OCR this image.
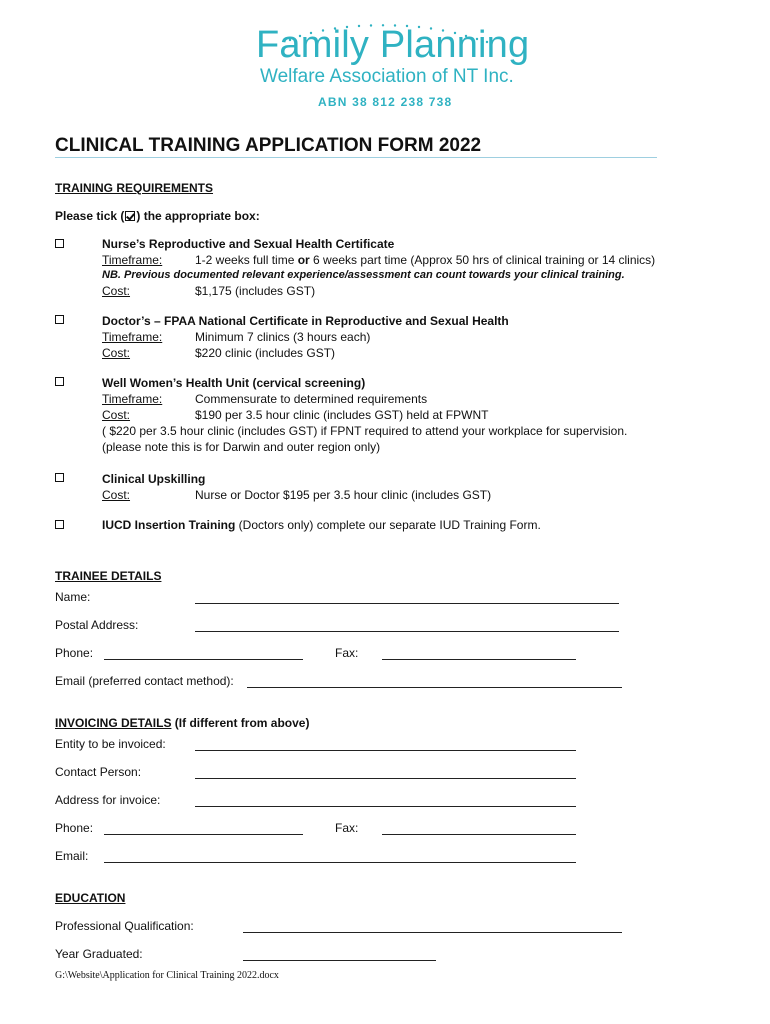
Family Planning
Welfare Association of NT Inc.
ABN 38 812 238 738
CLINICAL TRAINING APPLICATION FORM 2022
TRAINING REQUIREMENTS
Please tick ( ) the appropriate box:
Nurse’s Reproductive and Sexual Health Certificate
Timeframe:	1-2 weeks full time or 6 weeks part time (Approx 50 hrs of clinical training or 14 clinics)
NB. Previous documented relevant experience/assessment can count towards your clinical training.
Cost:	$1,175 (includes GST)
Doctor’s – FPAA National Certificate in Reproductive and Sexual Health
Timeframe:	Minimum 7 clinics (3 hours each)
Cost:	$220 clinic (includes GST)
Well Women’s Health Unit (cervical screening)
Timeframe:	Commensurate to determined requirements
Cost:	$190 per 3.5 hour clinic (includes GST) held at FPWNT
( $220 per 3.5 hour clinic (includes GST) if FPNT required to attend your workplace for supervision.
(please note this is for Darwin and outer region only)
Clinical Upskilling
Cost:	Nurse or Doctor $195 per 3.5 hour clinic (includes GST)
IUCD Insertion Training (Doctors only) complete our separate IUD Training Form.
TRAINEE DETAILS
Name:
Postal Address:
Phone:	Fax:
Email (preferred contact method):
INVOICING DETAILS (If different from above)
Entity to be invoiced:
Contact Person:
Address for invoice:
Phone:	Fax:
Email:
EDUCATION
Professional Qualification:
Year Graduated:
G:\Website\Application for Clinical Training 2022.docx
